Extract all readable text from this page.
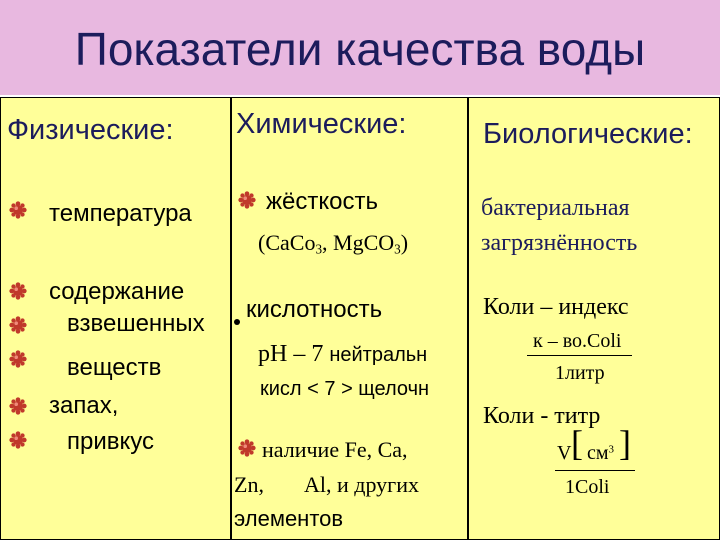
Показатели качества воды
Физические:
температура
содержание
взвешенных
веществ
запах,
привкус
Химические:
жёсткость
(CaCo$_3$, MgCO$_3$)
кислотность
pH – 7 нейтральн
кисл < 7 > щелочн
наличие Fe, Ca,
Zn, Al, и других
элементов
Биологические:
бактериальная
загрязнённость
Коли – индекс
к – во.Coli
1литр
Коли - титр
V [ $см^3$ ]
1Coli
